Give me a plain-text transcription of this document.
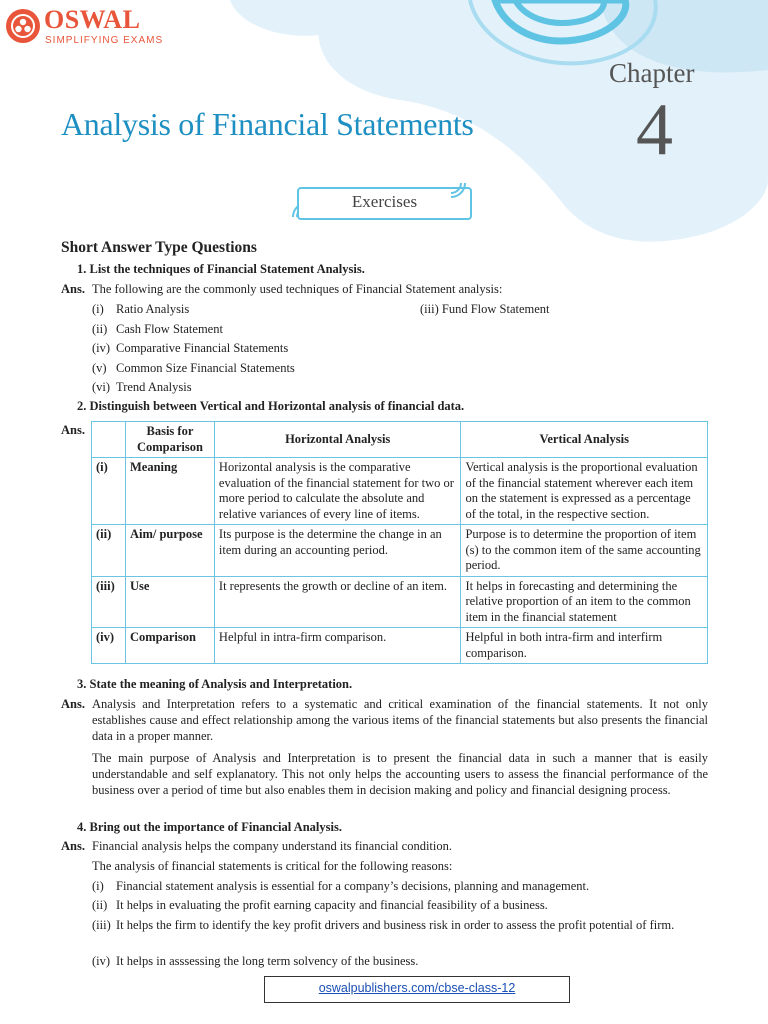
OSWAL
SIMPLIFYING EXAMS
Chapter
4
Analysis of Financial Statements
Exercises
Short Answer Type Questions
1. List the techniques of Financial Statement Analysis.
Ans. The following are the commonly used techniques of Financial Statement analysis:
(i) Ratio Analysis	(iii) Fund Flow Statement
(ii) Cash Flow Statement
(iv) Comparative Financial Statements
(v) Common Size Financial Statements
(vi) Trend Analysis
2. Distinguish between Vertical and Horizontal analysis of financial data.
Ans.
		Basis for Comparison	Horizontal Analysis	Vertical Analysis
(i)	Meaning	Horizontal analysis is the comparative evaluation of the financial statement for two or more period to calculate the absolute and relative variances of every line of items.	Vertical analysis is the proportional evaluation of the financial statement wherever each item on the statement is expressed as a percentage of the total, in the respective section.
(ii)	Aim/ purpose	Its purpose is the determine the change in an item during an accounting period.	Purpose is to determine the proportion of item (s) to the common item of the same accounting period.
(iii)	Use	It represents the growth or decline of an item.	It helps in forecasting and determining the relative proportion of an item to the common item in the financial statement
(iv)	Comparison	Helpful in intra-firm comparison.	Helpful in both intra-firm and interfirm comparison.
3. State the meaning of Analysis and Interpretation.
Ans. Analysis and Interpretation refers to a systematic and critical examination of the financial statements. It not only establishes cause and effect relationship among the various items of the financial statements but also presents the financial data in a proper manner.
The main purpose of Analysis and Interpretation is to present the financial data in such a manner that is easily understandable and self explanatory. This not only helps the accounting users to assess the financial performance of the business over a period of time but also enables them in decision making and policy and financial designing process.
4. Bring out the importance of Financial Analysis.
Ans. Financial analysis helps the company understand its financial condition.
The analysis of financial statements is critical for the following reasons:
(i) Financial statement analysis is essential for a company’s decisions, planning and management.
(ii) It helps in evaluating the profit earning capacity and financial feasibility of a business.
(iii) It helps the firm to identify the key profit drivers and business risk in order to assess the profit potential of firm.
(iv) It helps in asssessing the long term solvency of the business.
oswalpublishers.com/cbse-class-12
